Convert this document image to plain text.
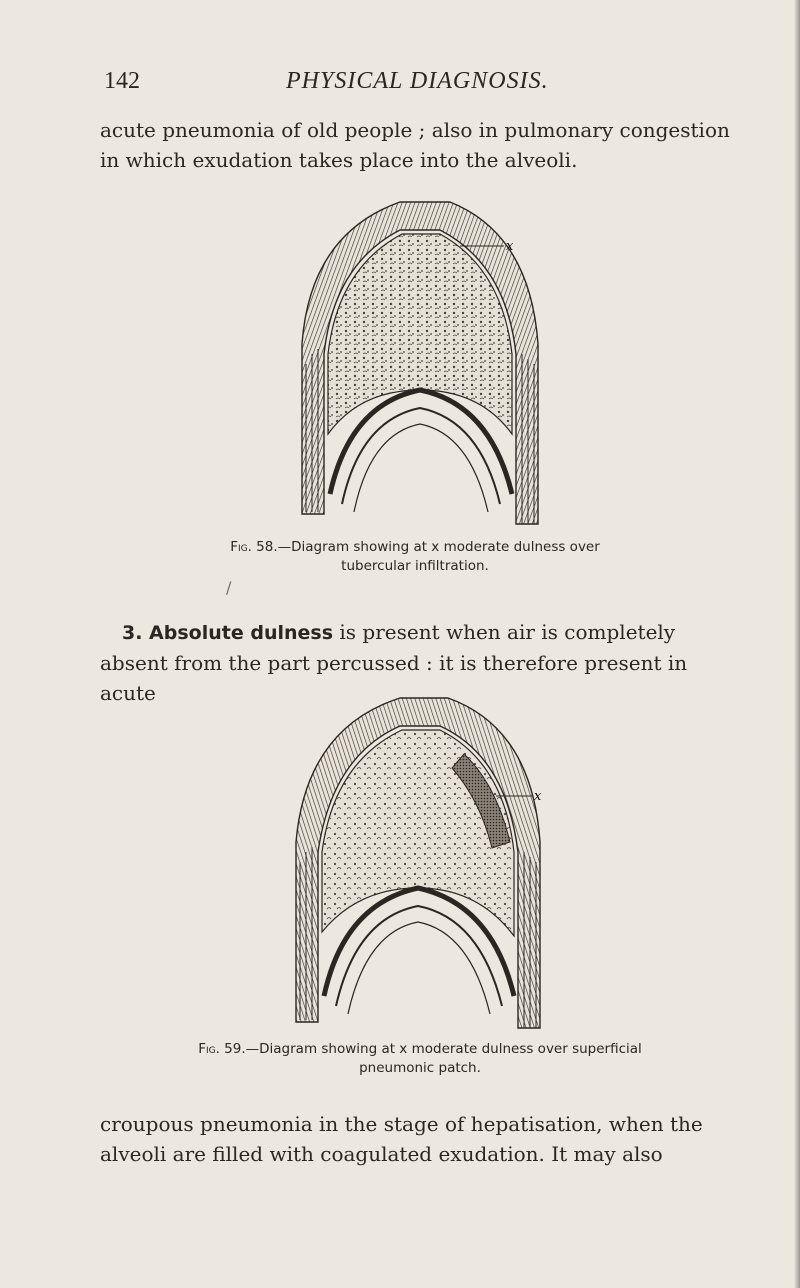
142	PHYSICAL DIAGNOSIS.

acute pneumonia of old people ; also in pulmonary congestion in which exudation takes place into the alveoli.

x

Fig. 58.—Diagram showing at x moderate dulness over tubercular infiltration.

/

3. Absolute dulness is present when air is completely absent from the part percussed : it is therefore present in acute

x

Fig. 59.—Diagram showing at x moderate dulness over superficial pneumonic patch.

croupous pneumonia in the stage of hepatisation, when the alveoli are filled with coagulated exudation. It may also
